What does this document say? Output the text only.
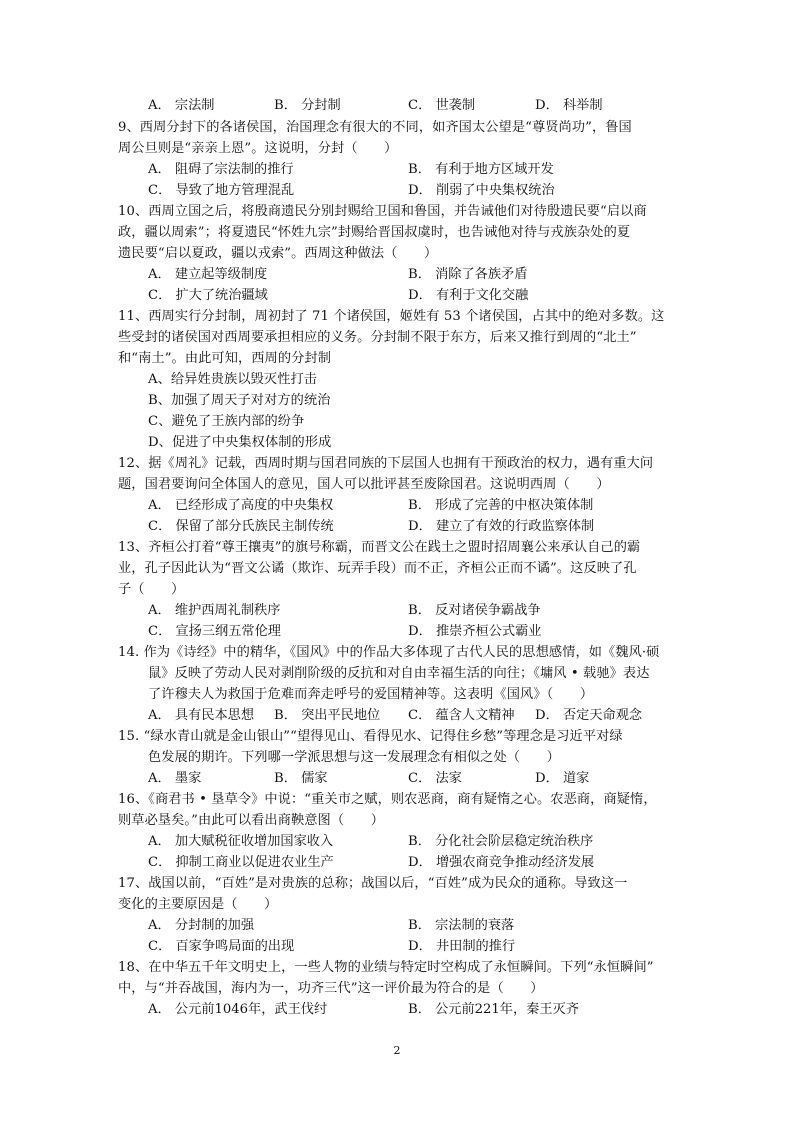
A． 宗法制	B． 分封制	C． 世袭制	D． 科举制
9、西周分封下的各诸侯国，治国理念有很大的不同，如齐国太公望是“尊贤尚功”，鲁国
周公旦则是“亲亲上恩”。这说明，分封（　　）
A． 阻碍了宗法制的推行	B． 有利于地方区域开发
C． 导致了地方管理混乱	D． 削弱了中央集权统治
10、西周立国之后，将殷商遗民分别封赐给卫国和鲁国，并告诫他们对待殷遗民要“启以商
政，疆以周索”；将夏遗民“怀姓九宗”封赐给晋国叔虞时，也告诫他对待与戎族杂处的夏
遗民要“启以夏政，疆以戎索”。西周这种做法（　　）
A． 建立起等级制度	B． 消除了各族矛盾
C． 扩大了统治疆域	D． 有利于文化交融
11、西周实行分封制，周初封了 71 个诸侯国，姬姓有 53 个诸侯国，占其中的绝对多数。这
些受封的诸侯国对西周要承担相应的义务。分封制不限于东方，后来又推行到周的“北土”
和“南土”。由此可知，西周的分封制
A、给异姓贵族以毁灭性打击
B、加强了周天子对对方的统治
C、避免了王族内部的纷争
D、促进了中央集权体制的形成
12、据《周礼》记载，西周时期与国君同族的下层国人也拥有干预政治的权力，遇有重大问
题，国君要询问全体国人的意见，国人可以批评甚至废除国君。这说明西周（　　）
A． 已经形成了高度的中央集权	B． 形成了完善的中枢决策体制
C． 保留了部分氏族民主制传统	D． 建立了有效的行政监察体制
13、齐桓公打着“尊王攘夷”的旗号称霸，而晋文公在践土之盟时招周襄公来承认自己的霸
业，孔子因此认为“晋文公谲（欺诈、玩弄手段）而不正，齐桓公正而不谲”。这反映了孔
子（　　）
A． 维护西周礼制秩序	B． 反对诸侯争霸战争
C． 宣扬三纲五常伦理	D． 推崇齐桓公式霸业
14. 作为《诗经》中的精华，《国风》中的作品大多体现了古代人民的思想感情，如《魏风·硕
鼠》反映了劳动人民对剥削阶级的反抗和对自由幸福生活的向往；《墉风 • 载驰》表达
了许穆夫人为救国于危难而奔走呼号的爱国精神等。这表明《国风》（　　）
A． 具有民本思想 B． 突出平民地位 C． 蕴含人文精神 D． 否定天命观念
15. “绿水青山就是金山银山”“望得见山、看得见水、记得住乡愁”等理念是习近平对绿
色发展的期许。下列哪一学派思想与这一发展理念有相似之处（　　）
A． 墨家	B． 儒家	C． 法家	D． 道家
16、《商君书 • 垦草令》中说：“重关市之赋，则农恶商，商有疑惰之心。农恶商，商疑惰，
则草必垦矣。”由此可以看出商鞅意图（　　）
A． 加大赋税征收增加国家收入	B． 分化社会阶层稳定统治秩序
C． 抑制工商业以促进农业生产	D． 增强农商竞争推动经济发展
17、战国以前，“百姓”是对贵族的总称；战国以后，“百姓”成为民众的通称。导致这一
变化的主要原因是（　　）
A． 分封制的加强	B． 宗法制的衰落
C． 百家争鸣局面的出现	D． 井田制的推行
18、在中华五千年文明史上，一些人物的业绩与特定时空构成了永恒瞬间。下列“永恒瞬间”
中，与“并吞战国，海内为一，功齐三代”这一评价最为符合的是（　　）
A． 公元前1046年，武王伐纣	B． 公元前221年，秦王灭齐
2
